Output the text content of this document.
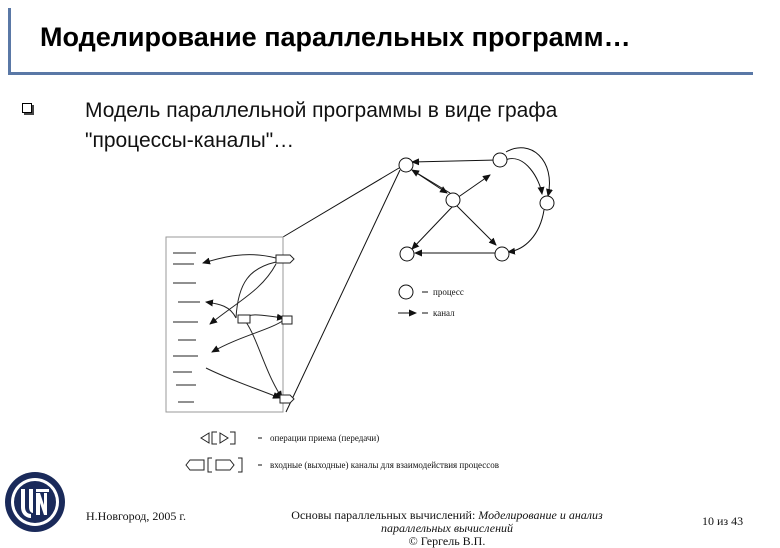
Моделирование параллельных программ…
Модель параллельной программы в виде графа
"процессы-каналы"…
процесс
канал
операции приема (передачи)
входные (выходные) каналы для взаимодействия процессов
Н.Новгород, 2005 г.	Основы параллельных вычислений: Моделирование и анализ параллельных вычислений
© Гергель В.П.
10 из 43
